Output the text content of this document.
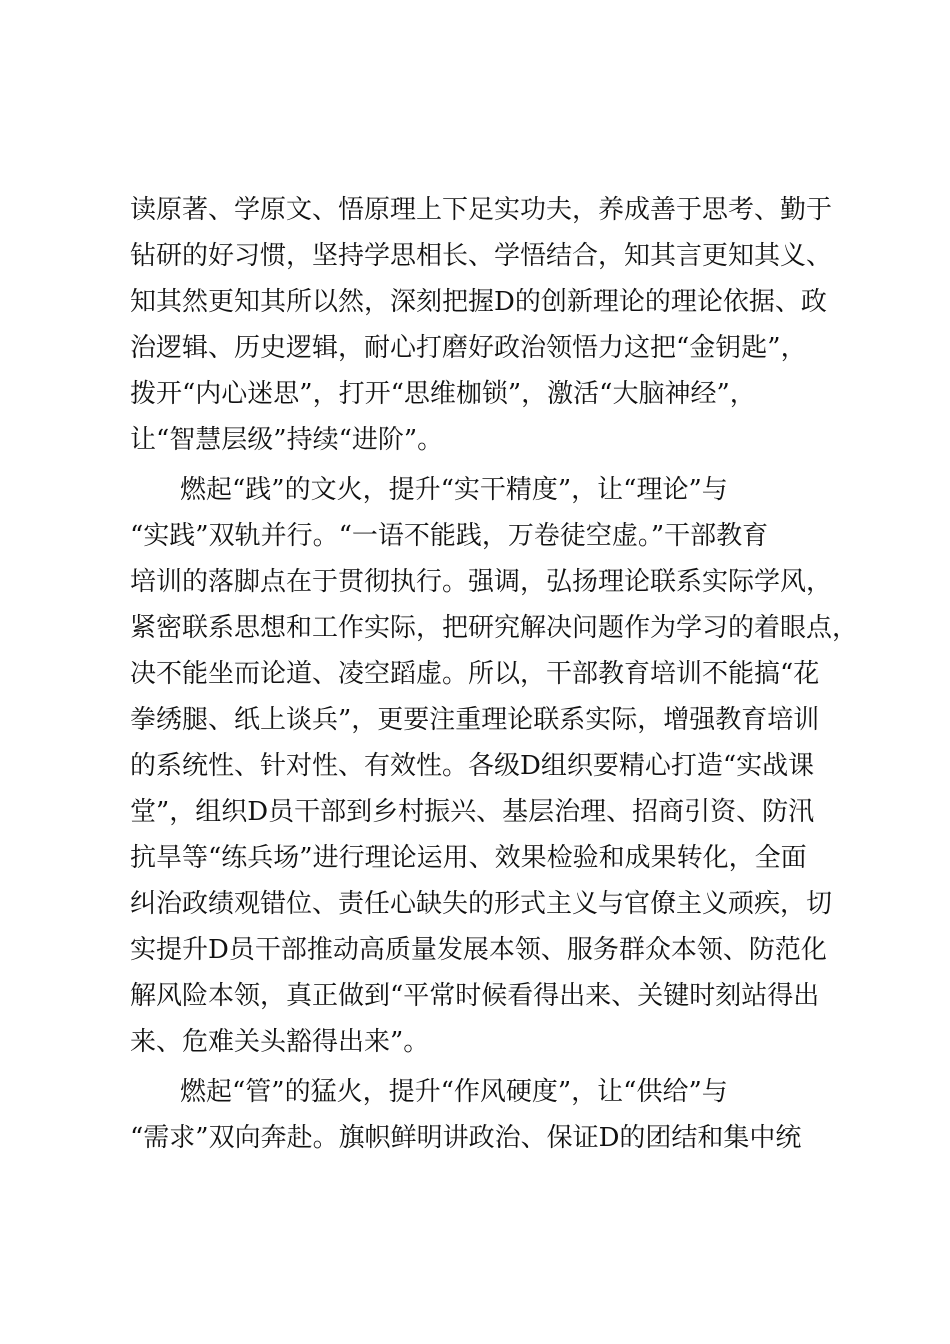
读原著、学原文、悟原理上下足实功夫，养成善于思考、勤于

钻研的好习惯，坚持学思相长、学悟结合，知其言更知其义、

知其然更知其所以然，深刻把握D的创新理论的理论依据、政

治逻辑、历史逻辑，耐心打磨好政治领悟力这把“金钥匙”，

拨开“内心迷思”，打开“思维枷锁”，激活“大脑神经”，

让“智慧层级”持续“进阶”。

燃起“践”的文火，提升“实干精度”，让“理论”与

“实践”双轨并行。“一语不能践，万卷徒空虚。”干部教育

培训的落脚点在于贯彻执行。强调，弘扬理论联系实际学风，

紧密联系思想和工作实际，把研究解决问题作为学习的着眼点，

决不能坐而论道、凌空蹈虚。所以，干部教育培训不能搞“花

拳绣腿、纸上谈兵”，更要注重理论联系实际，增强教育培训

的系统性、针对性、有效性。各级D组织要精心打造“实战课

堂”，组织D员干部到乡村振兴、基层治理、招商引资、防汛

抗旱等“练兵场”进行理论运用、效果检验和成果转化，全面

纠治政绩观错位、责任心缺失的形式主义与官僚主义顽疾，切

实提升D员干部推动高质量发展本领、服务群众本领、防范化

解风险本领，真正做到“平常时候看得出来、关键时刻站得出

来、危难关头豁得出来”。

燃起“管”的猛火，提升“作风硬度”，让“供给”与

“需求”双向奔赴。旗帜鲜明讲政治、保证D的团结和集中统
